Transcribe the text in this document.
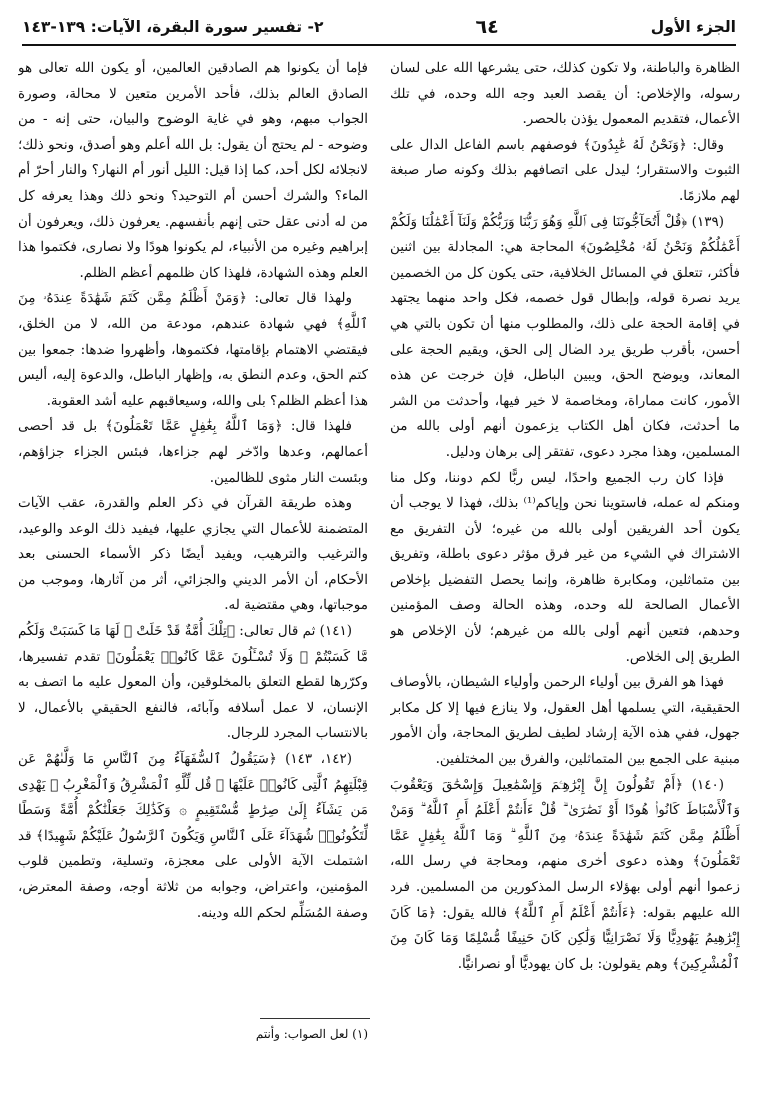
الجزء الأول
٦٤
٢- تفسير سورة البقرة، الآيات: ١٣٩-١٤٣

الظاهرة والباطنة، ولا تكون كذلك، حتى يشرعها الله على لسان رسوله، والإخلاص: أن يقصد العبد وجه الله وحده، في تلك الأعمال، فتقديم المعمول يؤذن بالحصر.

وقال: ﴿وَنَحْنُ لَهُ عَٰبِدُونَ﴾ فوصفهم باسم الفاعل الدال على الثبوت والاستقرار؛ ليدل على اتصافهم بذلك وكونه صار صبغة لهم ملازمًا.

(١٣٩) ﴿قُلْ أَتُحَآجُّونَنَا فِى ٱللَّهِ وَهُوَ رَبُّنَا وَرَبُّكُمْ وَلَنَآ أَعْمَٰلُنَا وَلَكُمْ أَعْمَٰلُكُمْ وَنَحْنُ لَهُۥ مُخْلِصُونَ﴾ المحاجة هي: المجادلة بين اثنين فأكثر، تتعلق في المسائل الخلافية، حتى يكون كل من الخصمين يريد نصرة قوله، وإبطال قول خصمه، فكل واحد منهما يجتهد في إقامة الحجة على ذلك، والمطلوب منها أن تكون بالتي هي أحسن، بأقرب طريق يرد الضال إلى الحق، ويقيم الحجة على المعاند، ويوضح الحق، ويبين الباطل، فإن خرجت عن هذه الأمور، كانت مماراة، ومخاصمة لا خير فيها، وأحدثت من الشر ما أحدثت، فكان أهل الكتاب يزعمون أنهم أولى بالله من المسلمين، وهذا مجرد دعوى، تفتقر إلى برهان ودليل.

فإذا كان رب الجميع واحدًا، ليس ربًّا لكم دوننا، وكل منا ومنكم له عمله، فاستوينا نحن وإياكم⁽¹⁾ بذلك، فهذا لا يوجب أن يكون أحد الفريقين أولى بالله من غيره؛ لأن التفريق مع الاشتراك في الشيء من غير فرق مؤثر دعوى باطلة، وتفريق بين متماثلين، ومكابرة ظاهرة، وإنما يحصل التفضيل بإخلاص الأعمال الصالحة لله وحده، وهذه الحالة وصف المؤمنين وحدهم، فتعين أنهم أولى بالله من غيرهم؛ لأن الإخلاص هو الطريق إلى الخلاص.

فهذا هو الفرق بين أولياء الرحمن وأولياء الشيطان، بالأوصاف الحقيقية، التي يسلمها أهل العقول، ولا ينازع فيها إلا كل مكابر جهول، ففي هذه الآية إرشاد لطيف لطريق المحاجة، وأن الأمور مبنية على الجمع بين المتماثلين، والفرق بين المختلفين.

(١٤٠) ﴿أَمْ تَقُولُونَ إِنَّ إِبْرَٰهِـۧمَ وَإِسْمَٰعِيلَ وَإِسْحَٰقَ وَيَعْقُوبَ وَٱلْأَسْبَاطَ كَانُوا۟ هُودًا أَوْ نَصَٰرَىٰ ۗ قُلْ ءَأَنتُمْ أَعْلَمُ أَمِ ٱللَّهُ ۗ وَمَنْ أَظْلَمُ مِمَّن كَتَمَ شَهَٰدَةً عِندَهُۥ مِنَ ٱللَّهِ ۗ وَمَا ٱللَّهُ بِغَٰفِلٍ عَمَّا تَعْمَلُونَ﴾ وهذه دعوى أخرى منهم، ومحاجة في رسل الله، زعموا أنهم أولى بهؤلاء الرسل المذكورين من المسلمين. فرد الله عليهم بقوله: ﴿ءَأَنتُمْ أَعْلَمُ أَمِ ٱللَّهُ﴾ فالله يقول: ﴿مَا كَانَ إِبْرَٰهِيمُ يَهُودِيًّا وَلَا نَصْرَانِيًّا وَلَٰكِن كَانَ حَنِيفًا مُّسْلِمًا وَمَا كَانَ مِنَ ٱلْمُشْرِكِينَ﴾ وهم يقولون: بل كان يهوديًّا أو نصرانيًّا.

فإما أن يكونوا هم الصادقين العالمين، أو يكون الله تعالى هو الصادق العالم بذلك، فأحد الأمرين متعين لا محالة، وصورة الجواب مبهم، وهو في غاية الوضوح والبيان، حتى إنه - من وضوحه - لم يحتج أن يقول: بل الله أعلم وهو أصدق، ونحو ذلك؛ لانجلائه لكل أحد، كما إذا قيل: الليل أنور أم النهار؟ والنار أحرّ أم الماء؟ والشرك أحسن أم التوحيد؟ ونحو ذلك وهذا يعرفه كل من له أدنى عقل حتى إنهم بأنفسهم. يعرفون ذلك، ويعرفون أن إبراهيم وغيره من الأنبياء، لم يكونوا هودًا ولا نصارى، فكتموا هذا العلم وهذه الشهادة، فلهذا كان ظلمهم أعظم الظلم.

ولهذا قال تعالى: ﴿وَمَنْ أَظْلَمُ مِمَّن كَتَمَ شَهَٰدَةً عِندَهُۥ مِنَ ٱللَّهِ﴾ فهي شهادة عندهم، مودعة من الله، لا من الخلق، فيقتضي الاهتمام بإقامتها، فكتموها، وأظهروا ضدها: جمعوا بين كتم الحق، وعدم النطق به، وإظهار الباطل، والدعوة إليه، أليس هذا أعظم الظلم؟ بلى والله، وسيعاقبهم عليه أشد العقوبة.

فلهذا قال: ﴿وَمَا ٱللَّهُ بِغَٰفِلٍ عَمَّا تَعْمَلُونَ﴾ بل قد أحصى أعمالهم، وعدها وادّخر لهم جزاءها، فبئس الجزاء جزاؤهم، وبئست النار مثوى للظالمين.

وهذه طريقة القرآن في ذكر العلم والقدرة، عقب الآيات المتضمنة للأعمال التي يجازي عليها، فيفيد ذلك الوعد والوعيد، والترغيب والترهيب، ويفيد أيضًا ذكر الأسماء الحسنى بعد الأحكام، أن الأمر الديني والجزائي، أثر من آثارها، وموجب من موجباتها، وهي مقتضية له.

(١٤١) ثم قال تعالى: ﴿تِلْكَ أُمَّةٌ قَدْ خَلَتْ ۖ لَهَا مَا كَسَبَتْ وَلَكُم مَّا كَسَبْتُمْ ۖ وَلَا تُسْـَٔلُونَ عَمَّا كَانُوا۟ يَعْمَلُونَ﴾ تقدم تفسيرها، وكرّرها لقطع التعلق بالمخلوقين، وأن المعول عليه ما اتصف به الإنسان، لا عمل أسلافه وآبائه، فالنفع الحقيقي بالأعمال، لا بالانتساب المجرد للرجال.

(١٤٢، ١٤٣) ﴿سَيَقُولُ ٱلسُّفَهَآءُ مِنَ ٱلنَّاسِ مَا وَلَّىٰهُمْ عَن قِبْلَتِهِمُ ٱلَّتِى كَانُوا۟ عَلَيْهَا ۚ قُل لِّلَّهِ ٱلْمَشْرِقُ وَٱلْمَغْرِبُ ۚ يَهْدِى مَن يَشَآءُ إِلَىٰ صِرَٰطٍ مُّسْتَقِيمٍ ۞ وَكَذَٰلِكَ جَعَلْنَٰكُمْ أُمَّةً وَسَطًا لِّتَكُونُوا۟ شُهَدَآءَ عَلَى ٱلنَّاسِ وَيَكُونَ ٱلرَّسُولُ عَلَيْكُمْ شَهِيدًا﴾ قد اشتملت الآية الأولى على معجزة، وتسلية، وتطمين قلوب المؤمنين، واعتراض، وجوابه من ثلاثة أوجه، وصفة المعترض، وصفة المُسَلِّم لحكم الله ودينه.

(١) لعل الصواب: وأنتم
